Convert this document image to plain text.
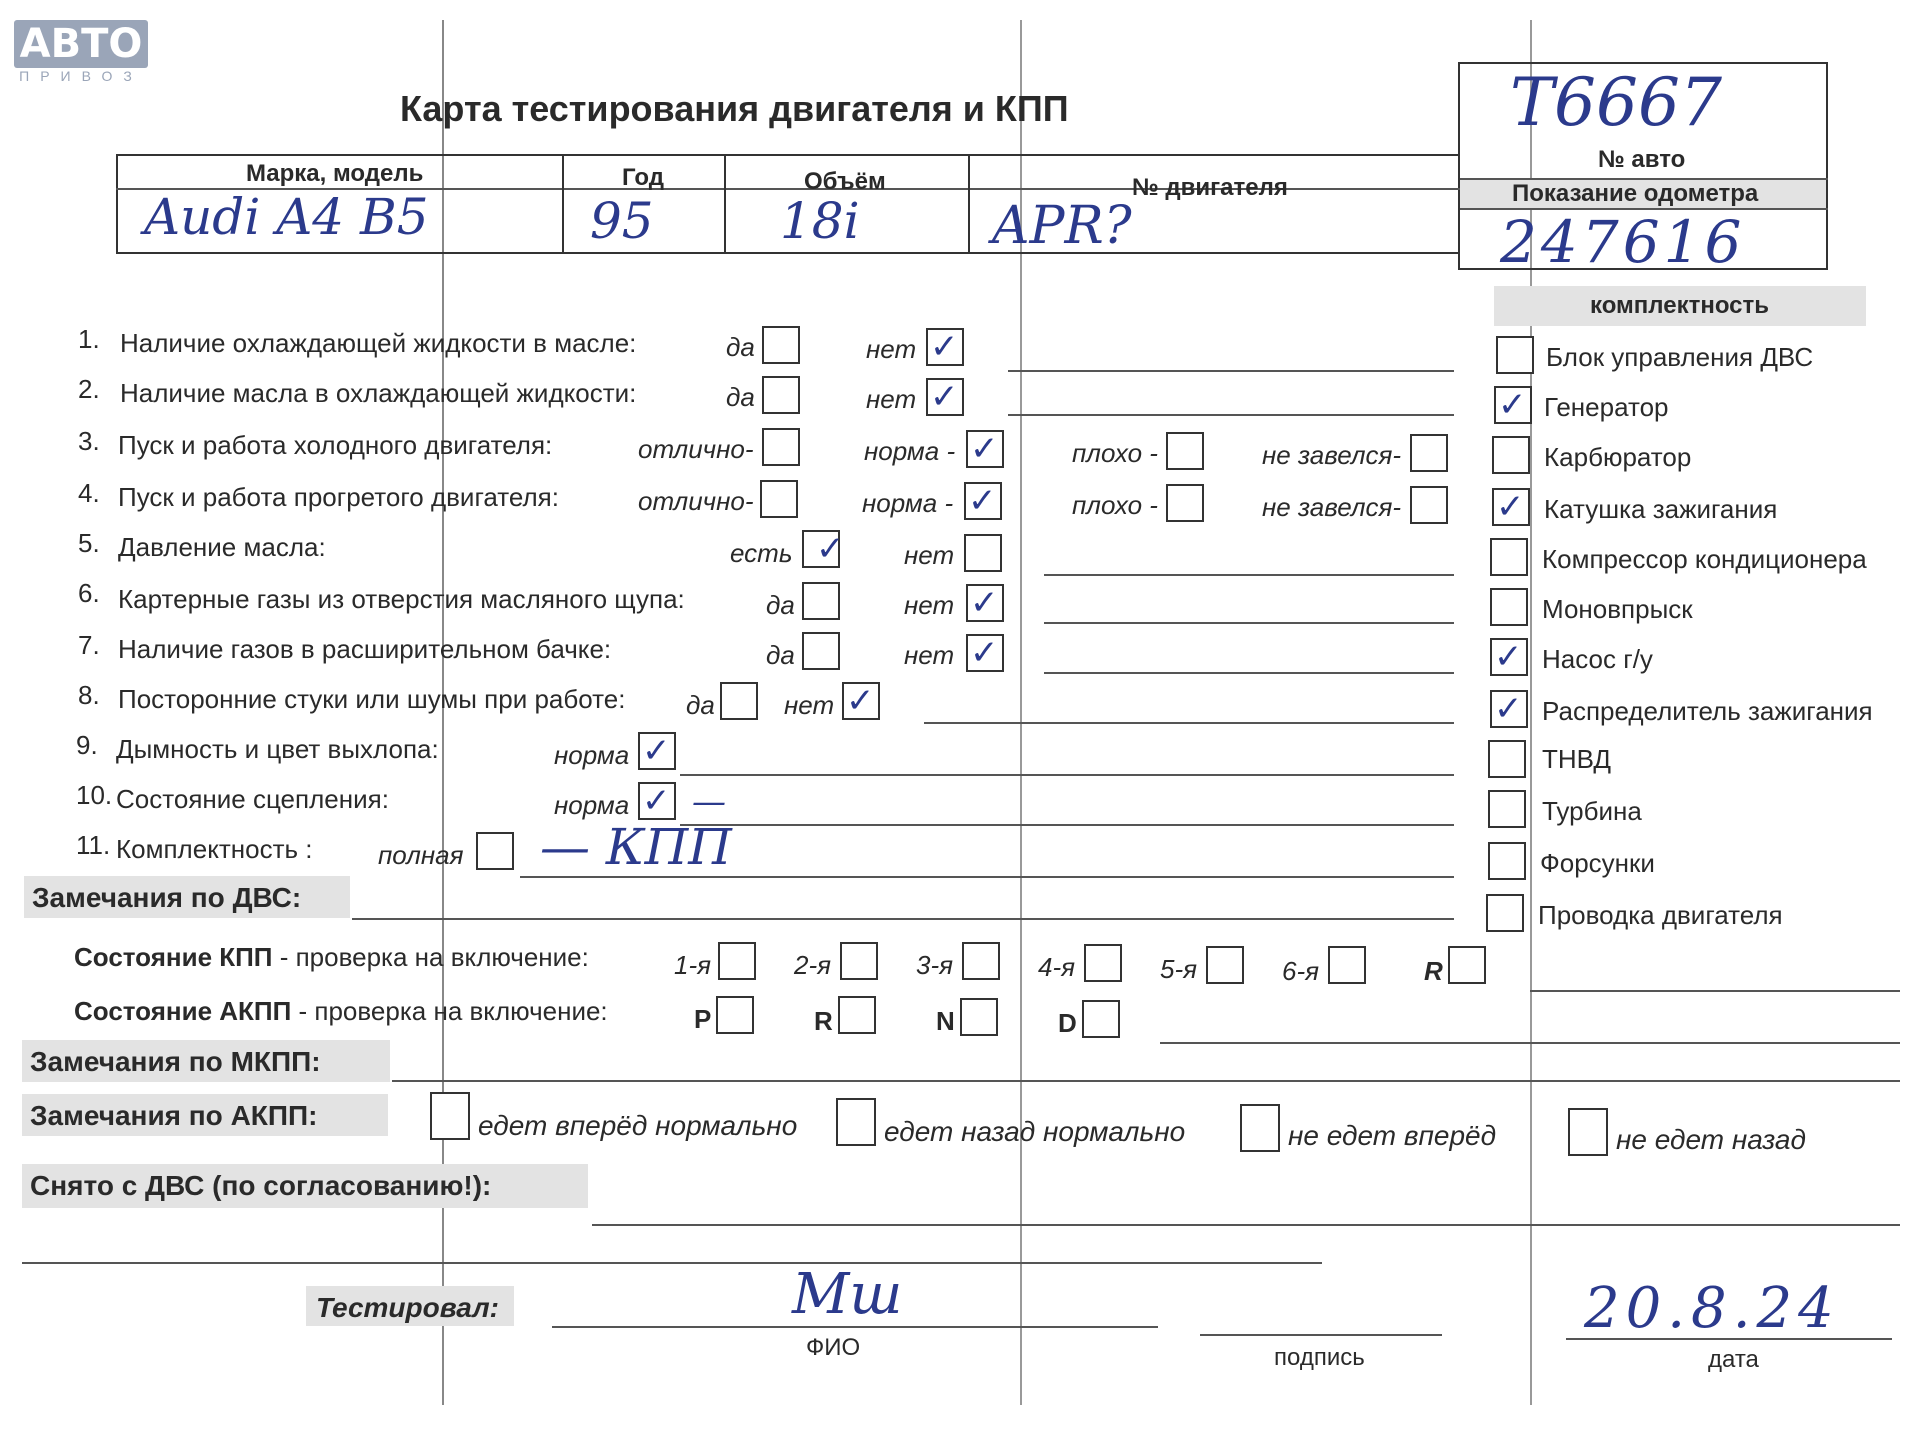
АВТО
ПРИВОЗ
Карта тестирования двигателя и КПП	Т6667
№ авто
Показание одометра
247616
Марка, модель	Год	Объём	№ двигателя
Audi A4 B5	95	18i	APR?
комплектность
Блок управления ДВС
✓ Генератор
Карбюратор
✓ Катушка зажигания
Компрессор кондиционера
Моновпрыск
✓ Насос г/у
✓ Распределитель зажигания
ТНВД
Турбина
Форсунки
Проводка двигателя
1. Наличие охлаждающей жидкости в масле:	да	нет ✓
2. Наличие масла в охлаждающей жидкости:	да	нет ✓
3. Пуск и работа холодного двигателя:	отлично-	норма - ✓	плохо -	не завелся-
4. Пуск и работа прогретого двигателя:	отлично-	норма - ✓	плохо -	не завелся-
5. Давление масла:	есть ✓ нет
6. Картерные газы из отверстия масляного щупа:	да	нет ✓
7. Наличие газов в расширительном бачке:	да	нет ✓
8. Посторонние стуки или шумы при работе: да	нет ✓
9. Дымность и цвет выхлопа:	норма ✓
10. Состояние сцепления:	норма ✓ —
11. Комплектность :	полная — КПП
Замечания по ДВС:
Состояние КПП - проверка на включение:	1-я	2-я	3-я	4-я	5-я	6-я	R
Состояние АКПП - проверка на включение:	P	R	N	D
Замечания по МКПП:
Замечания по АКПП:	едет вперёд нормально	едет назад нормально	не едет вперёд	не едет назад
Снято с ДВС (по согласованию!):
Тестировал:	Мш
ФИО	подпись
20.8.24
дата
